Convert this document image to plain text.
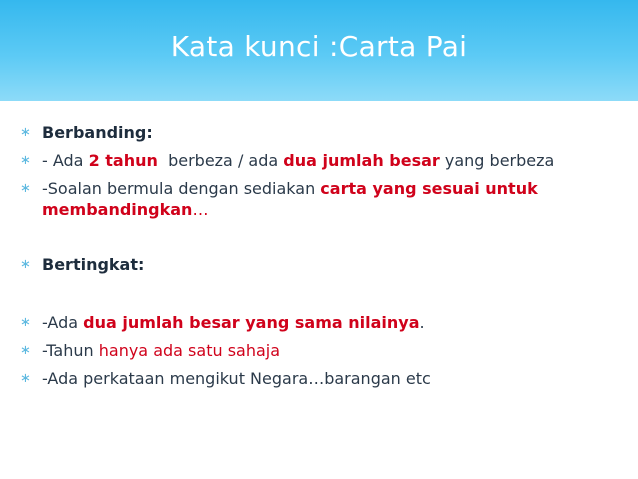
Kata kunci :Carta Pai
∗ Berbanding:
∗ - Ada 2 tahun  berbeza / ada dua jumlah besar yang berbeza
∗ -Soalan bermula dengan sediakan carta yang sesuai untuk
membandingkan…
∗ Bertingkat:
∗ -Ada dua jumlah besar yang sama nilainya.
∗ -Tahun hanya ada satu sahaja
∗ -Ada perkataan mengikut Negara…barangan etc
